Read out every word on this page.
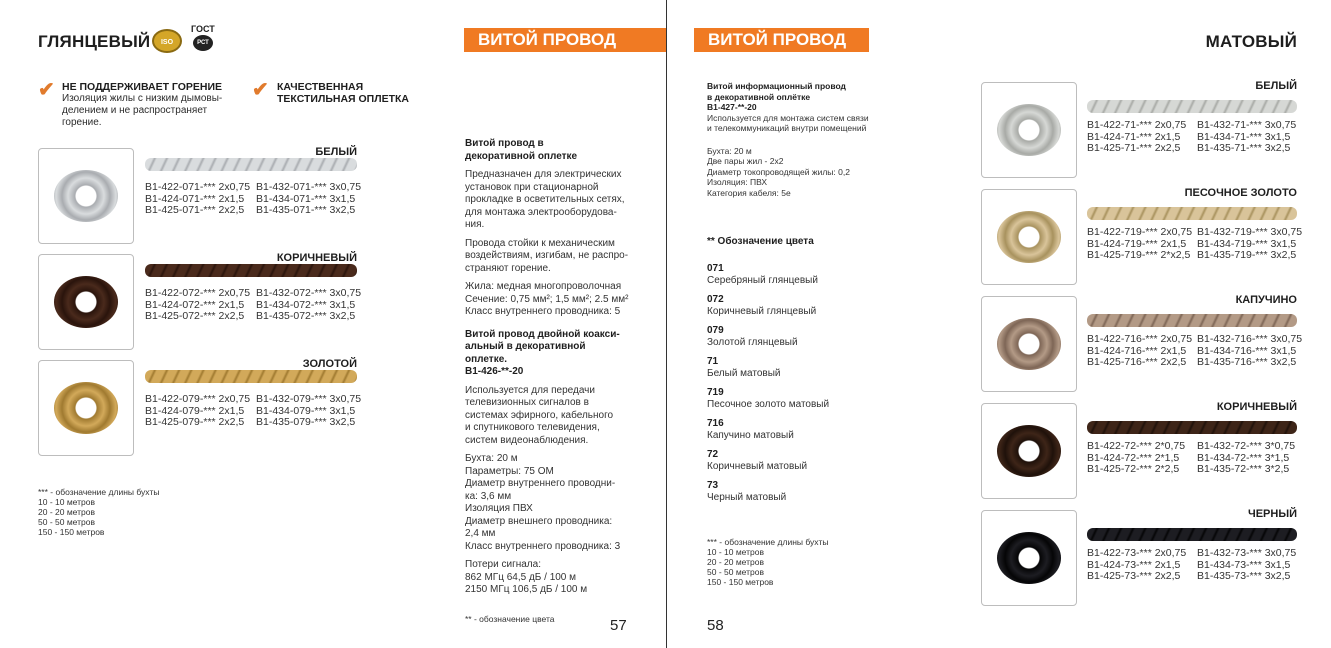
ГЛЯНЦЕВЫЙ	ISO 9001
ГОСТ
РСТ
✔ НЕ ПОДДЕРЖИВАЕТ ГОРЕНИЕ
Изоляция жилы с низким дымовы-
делением и не распространяет
горение.
✔ КАЧЕСТВЕННАЯ
ТЕКСТИЛЬНАЯ ОПЛЕТКА
БЕЛЫЙ
B1-422-071-*** 2х0,75 B1-432-071-*** 3х0,75
B1-424-071-*** 2х1,5	B1-434-071-*** 3х1,5
B1-425-071-*** 2х2,5	B1-435-071-*** 3х2,5
КОРИЧНЕВЫЙ
B1-422-072-*** 2х0,75 B1-432-072-*** 3х0,75
B1-424-072-*** 2х1,5	B1-434-072-*** 3х1,5
B1-425-072-*** 2х2,5	B1-435-072-*** 3х2,5
ЗОЛОТОЙ
B1-422-079-*** 2х0,75 B1-432-079-*** 3х0,75
B1-424-079-*** 2х1,5	B1-434-079-*** 3х1,5
B1-425-079-*** 2х2,5	B1-435-079-*** 3х2,5
*** - обозначение длины бухты
10 - 10 метров
20 - 20 метров
50 - 50 метров
150 - 150 метров
ВИТОЙ ПРОВОД
Витой провод в декоративной оплетке
Предназначен для электрических установок при стационарной прокладке в осветительных сетях, для монтажа электрооборудова-ния.
Провода стойки к механическим воздействиям, изгибам, не распро-страняют горение.
Жила: медная многопроволочная
Сечение: 0,75 мм²; 1,5 мм²; 2.5 мм²
Класс внутреннего проводника: 5
Витой провод двойной коакси-
альный в декоративной
оплетке.
B1-426-**-20
Используется для передачи
телевизионных сигналов в
системах эфирного, кабельного
и спутникового телевидения,
систем видеонаблюдения.
Бухта: 20 м
Параметры: 75 ОМ
Диаметр внутреннего проводни-
ка: 3,6 мм
Изоляция ПВХ
Диаметр внешнего проводника:
2,4 мм
Класс внутреннего проводника: 3
Потери сигнала:
862 МГц 64,5 дБ / 100 м
2150 МГц 106,5 дБ / 100 м
** - обозначение цвета	57
ВИТОЙ ПРОВОД
Витой информационный провод
в декоративной оплётке
B1-427-**-20
Используется для монтажа систем связи
и телекоммуникаций внутри помещений
Бухта: 20 м
Две пары жил - 2х2
Диаметр токопроводящей жилы: 0,2
Изоляция: ПВХ
Категория кабеля: 5е
** Обозначение цвета
071
Серебряный глянцевый
072
Коричневый глянцевый
079
Золотой глянцевый
71
Белый матовый
719
Песочное золото матовый
716
Капучино матовый
72
Коричневый матовый
73
Черный матовый
*** - обозначение длины бухты
10 - 10 метров
20 - 20 метров
50 - 50 метров
150 - 150 метров
58
МАТОВЫЙ
БЕЛЫЙ
B1-422-71-*** 2х0,75	B1-432-71-*** 3х0,75
B1-424-71-*** 2х1,5	B1-434-71-*** 3х1,5
B1-425-71-*** 2х2,5	B1-435-71-*** 3х2,5
ПЕСОЧНОЕ ЗОЛОТО
B1-422-719-*** 2х0,75 B1-432-719-*** 3х0,75
B1-424-719-*** 2х1,5	B1-434-719-*** 3х1,5
B1-425-719-*** 2*х2,5 B1-435-719-*** 3х2,5
КАПУЧИНО
B1-422-716-*** 2х0,75 B1-432-716-*** 3х0,75
B1-424-716-*** 2х1,5	B1-434-716-*** 3х1,5
B1-425-716-*** 2х2,5	B1-435-716-*** 3х2,5
КОРИЧНЕВЫЙ
B1-422-72-*** 2*0,75	B1-432-72-*** 3*0,75
B1-424-72-*** 2*1,5	B1-434-72-*** 3*1,5
B1-425-72-*** 2*2,5	B1-435-72-*** 3*2,5
ЧЕРНЫЙ
B1-422-73-*** 2х0,75	B1-432-73-*** 3х0,75
B1-424-73-*** 2х1,5	B1-434-73-*** 3х1,5
B1-425-73-*** 2х2,5	B1-435-73-*** 3х2,5
